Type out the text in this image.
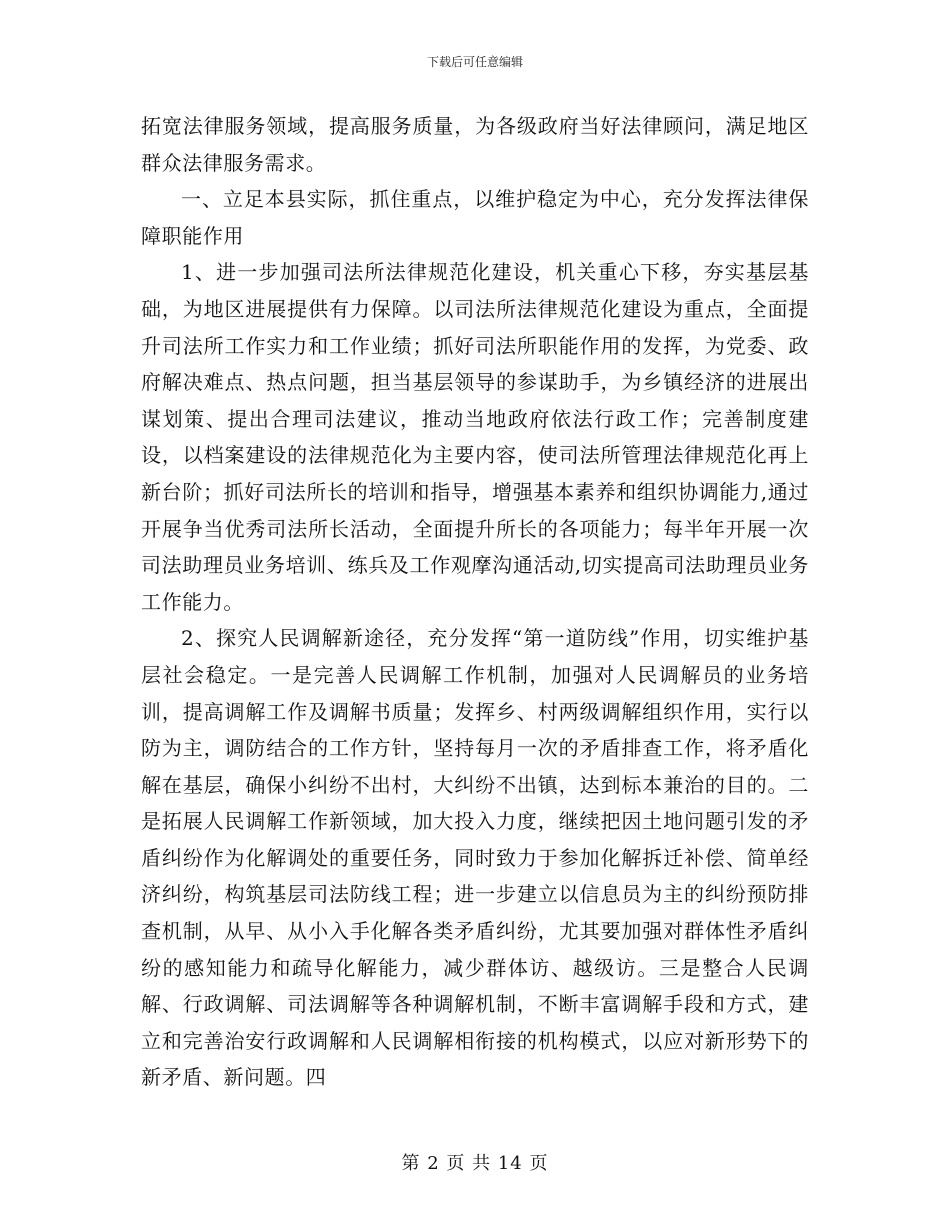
下载后可任意编辑

拓宽法律服务领域，提高服务质量，为各级政府当好法律顾问，满足地区群众法律服务需求。

一、立足本县实际，抓住重点，以维护稳定为中心，充分发挥法律保障职能作用

1、进一步加强司法所法律规范化建设，机关重心下移，夯实基层基础，为地区进展提供有力保障。以司法所法律规范化建设为重点，全面提升司法所工作实力和工作业绩；抓好司法所职能作用的发挥，为党委、政府解决难点、热点问题，担当基层领导的参谋助手，为乡镇经济的进展出谋划策、提出合理司法建议，推动当地政府依法行政工作；完善制度建设，以档案建设的法律规范化为主要内容，使司法所管理法律规范化再上新台阶；抓好司法所长的培训和指导，增强基本素养和组织协调能力,通过开展争当优秀司法所长活动，全面提升所长的各项能力；每半年开展一次司法助理员业务培训、练兵及工作观摩沟通活动,切实提高司法助理员业务工作能力。

2、探究人民调解新途径，充分发挥“第一道防线”作用，切实维护基层社会稳定。一是完善人民调解工作机制，加强对人民调解员的业务培训，提高调解工作及调解书质量；发挥乡、村两级调解组织作用，实行以防为主，调防结合的工作方针，坚持每月一次的矛盾排查工作，将矛盾化解在基层，确保小纠纷不出村，大纠纷不出镇，达到标本兼治的目的。二是拓展人民调解工作新领域，加大投入力度，继续把因土地问题引发的矛盾纠纷作为化解调处的重要任务，同时致力于参加化解拆迁补偿、简单经济纠纷，构筑基层司法防线工程；进一步建立以信息员为主的纠纷预防排查机制，从早、从小入手化解各类矛盾纠纷，尤其要加强对群体性矛盾纠纷的感知能力和疏导化解能力，减少群体访、越级访。三是整合人民调解、行政调解、司法调解等各种调解机制，不断丰富调解手段和方式，建立和完善治安行政调解和人民调解相衔接的机构模式，以应对新形势下的新矛盾、新问题。四

第 2 页 共 14 页
